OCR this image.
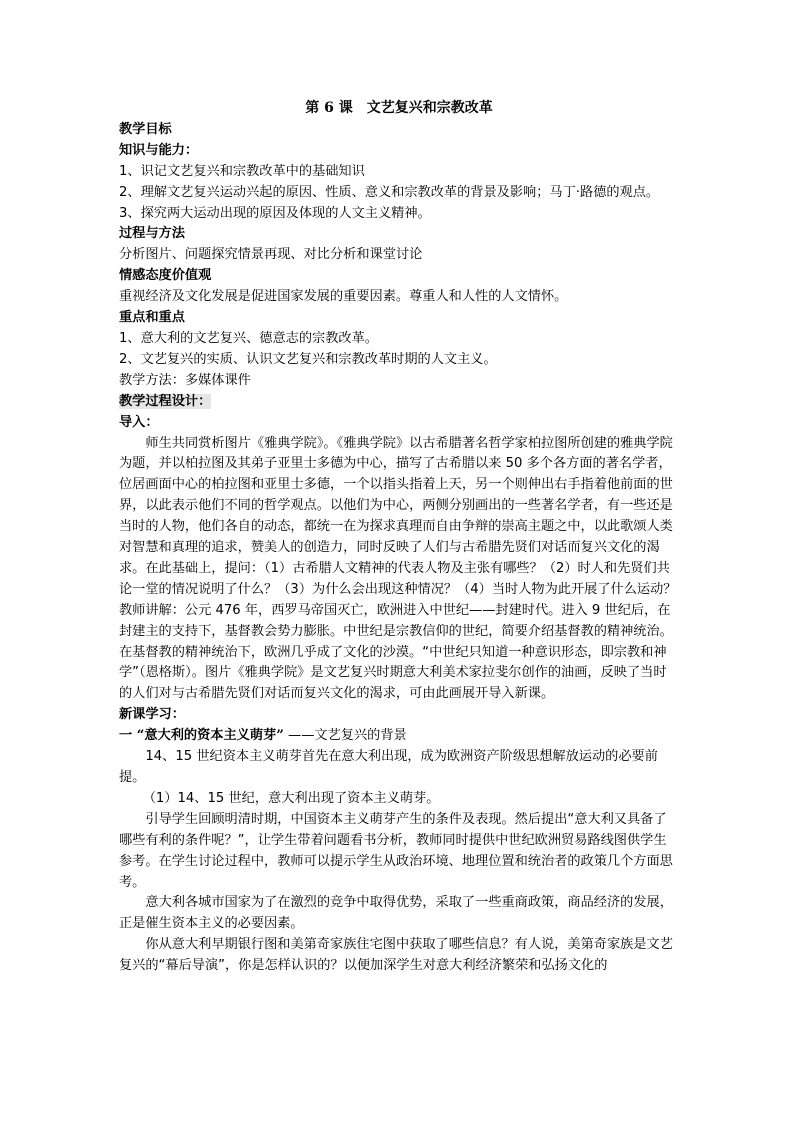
第 6 课　文艺复兴和宗教改革
教学目标
知识与能力：

1、识记文艺复兴和宗教改革中的基础知识

2、理解文艺复兴运动兴起的原因、性质、意义和宗教改革的背景及影响；马丁·路德的观点。

3、探究两大运动出现的原因及体现的人文主义精神。

过程与方法

分析图片、问题探究情景再现、对比分析和课堂讨论

情感态度价值观

重视经济及文化发展是促进国家发展的重要因素。尊重人和人性的人文情怀。

重点和重点

1、意大利的文艺复兴、德意志的宗教改革。

2、文艺复兴的实质、认识文艺复兴和宗教改革时期的人文主义。

教学方法：多媒体课件

教学过程设计：
导入：

师生共同赏析图片《雅典学院》。《雅典学院》以古希腊著名哲学家柏拉图所创建的雅典学院为题，并以柏拉图及其弟子亚里士多德为中心，描写了古希腊以来 50 多个各方面的著名学者，位居画面中心的柏拉图和亚里士多德，一个以指头指着上天，另一个则伸出右手指着他前面的世界，以此表示他们不同的哲学观点。以他们为中心，两侧分别画出的一些著名学者，有一些还是当时的人物，他们各自的动态，都统一在为探求真理而自由争辩的崇高主题之中，以此歌颂人类对智慧和真理的追求，赞美人的创造力，同时反映了人们与古希腊先贤们对话而复兴文化的渴求。在此基础上，提问：（1）古希腊人文精神的代表人物及主张有哪些？（2）时人和先贤们共论一堂的情况说明了什么？（3）为什么会出现这种情况？（4）当时人物为此开展了什么运动？

教师讲解：公元 476 年，西罗马帝国灭亡，欧洲进入中世纪——封建时代。进入 9 世纪后，在封建主的支持下，基督教会势力膨胀。中世纪是宗教信仰的世纪，简要介绍基督教的精神统治。在基督教的精神统治下，欧洲几乎成了文化的沙漠。“中世纪只知道一种意识形态，即宗教和神学”（恩格斯）。图片《雅典学院》是文艺复兴时期意大利美术家拉斐尔创作的油画，反映了当时的人们对与古希腊先贤们对话而复兴文化的渴求，可由此画展开导入新课。

新课学习：
一 “意大利的资本主义萌芽” ——文艺复兴的背景

14、15 世纪资本主义萌芽首先在意大利出现，成为欧洲资产阶级思想解放运动的必要前提。

（1）14、15 世纪，意大利出现了资本主义萌芽。

引导学生回顾明清时期，中国资本主义萌芽产生的条件及表现。然后提出“意大利又具备了哪些有利的条件呢？”，让学生带着问题看书分析，教师同时提供中世纪欧洲贸易路线图供学生参考。在学生讨论过程中，教师可以提示学生从政治环境、地理位置和统治者的政策几个方面思考。

意大利各城市国家为了在激烈的竞争中取得优势，采取了一些重商政策，商品经济的发展，正是催生资本主义的必要因素。

你从意大利早期银行图和美第奇家族住宅图中获取了哪些信息？有人说，美第奇家族是文艺复兴的“幕后导演”，你是怎样认识的？以便加深学生对意大利经济繁荣和弘扬文化的
